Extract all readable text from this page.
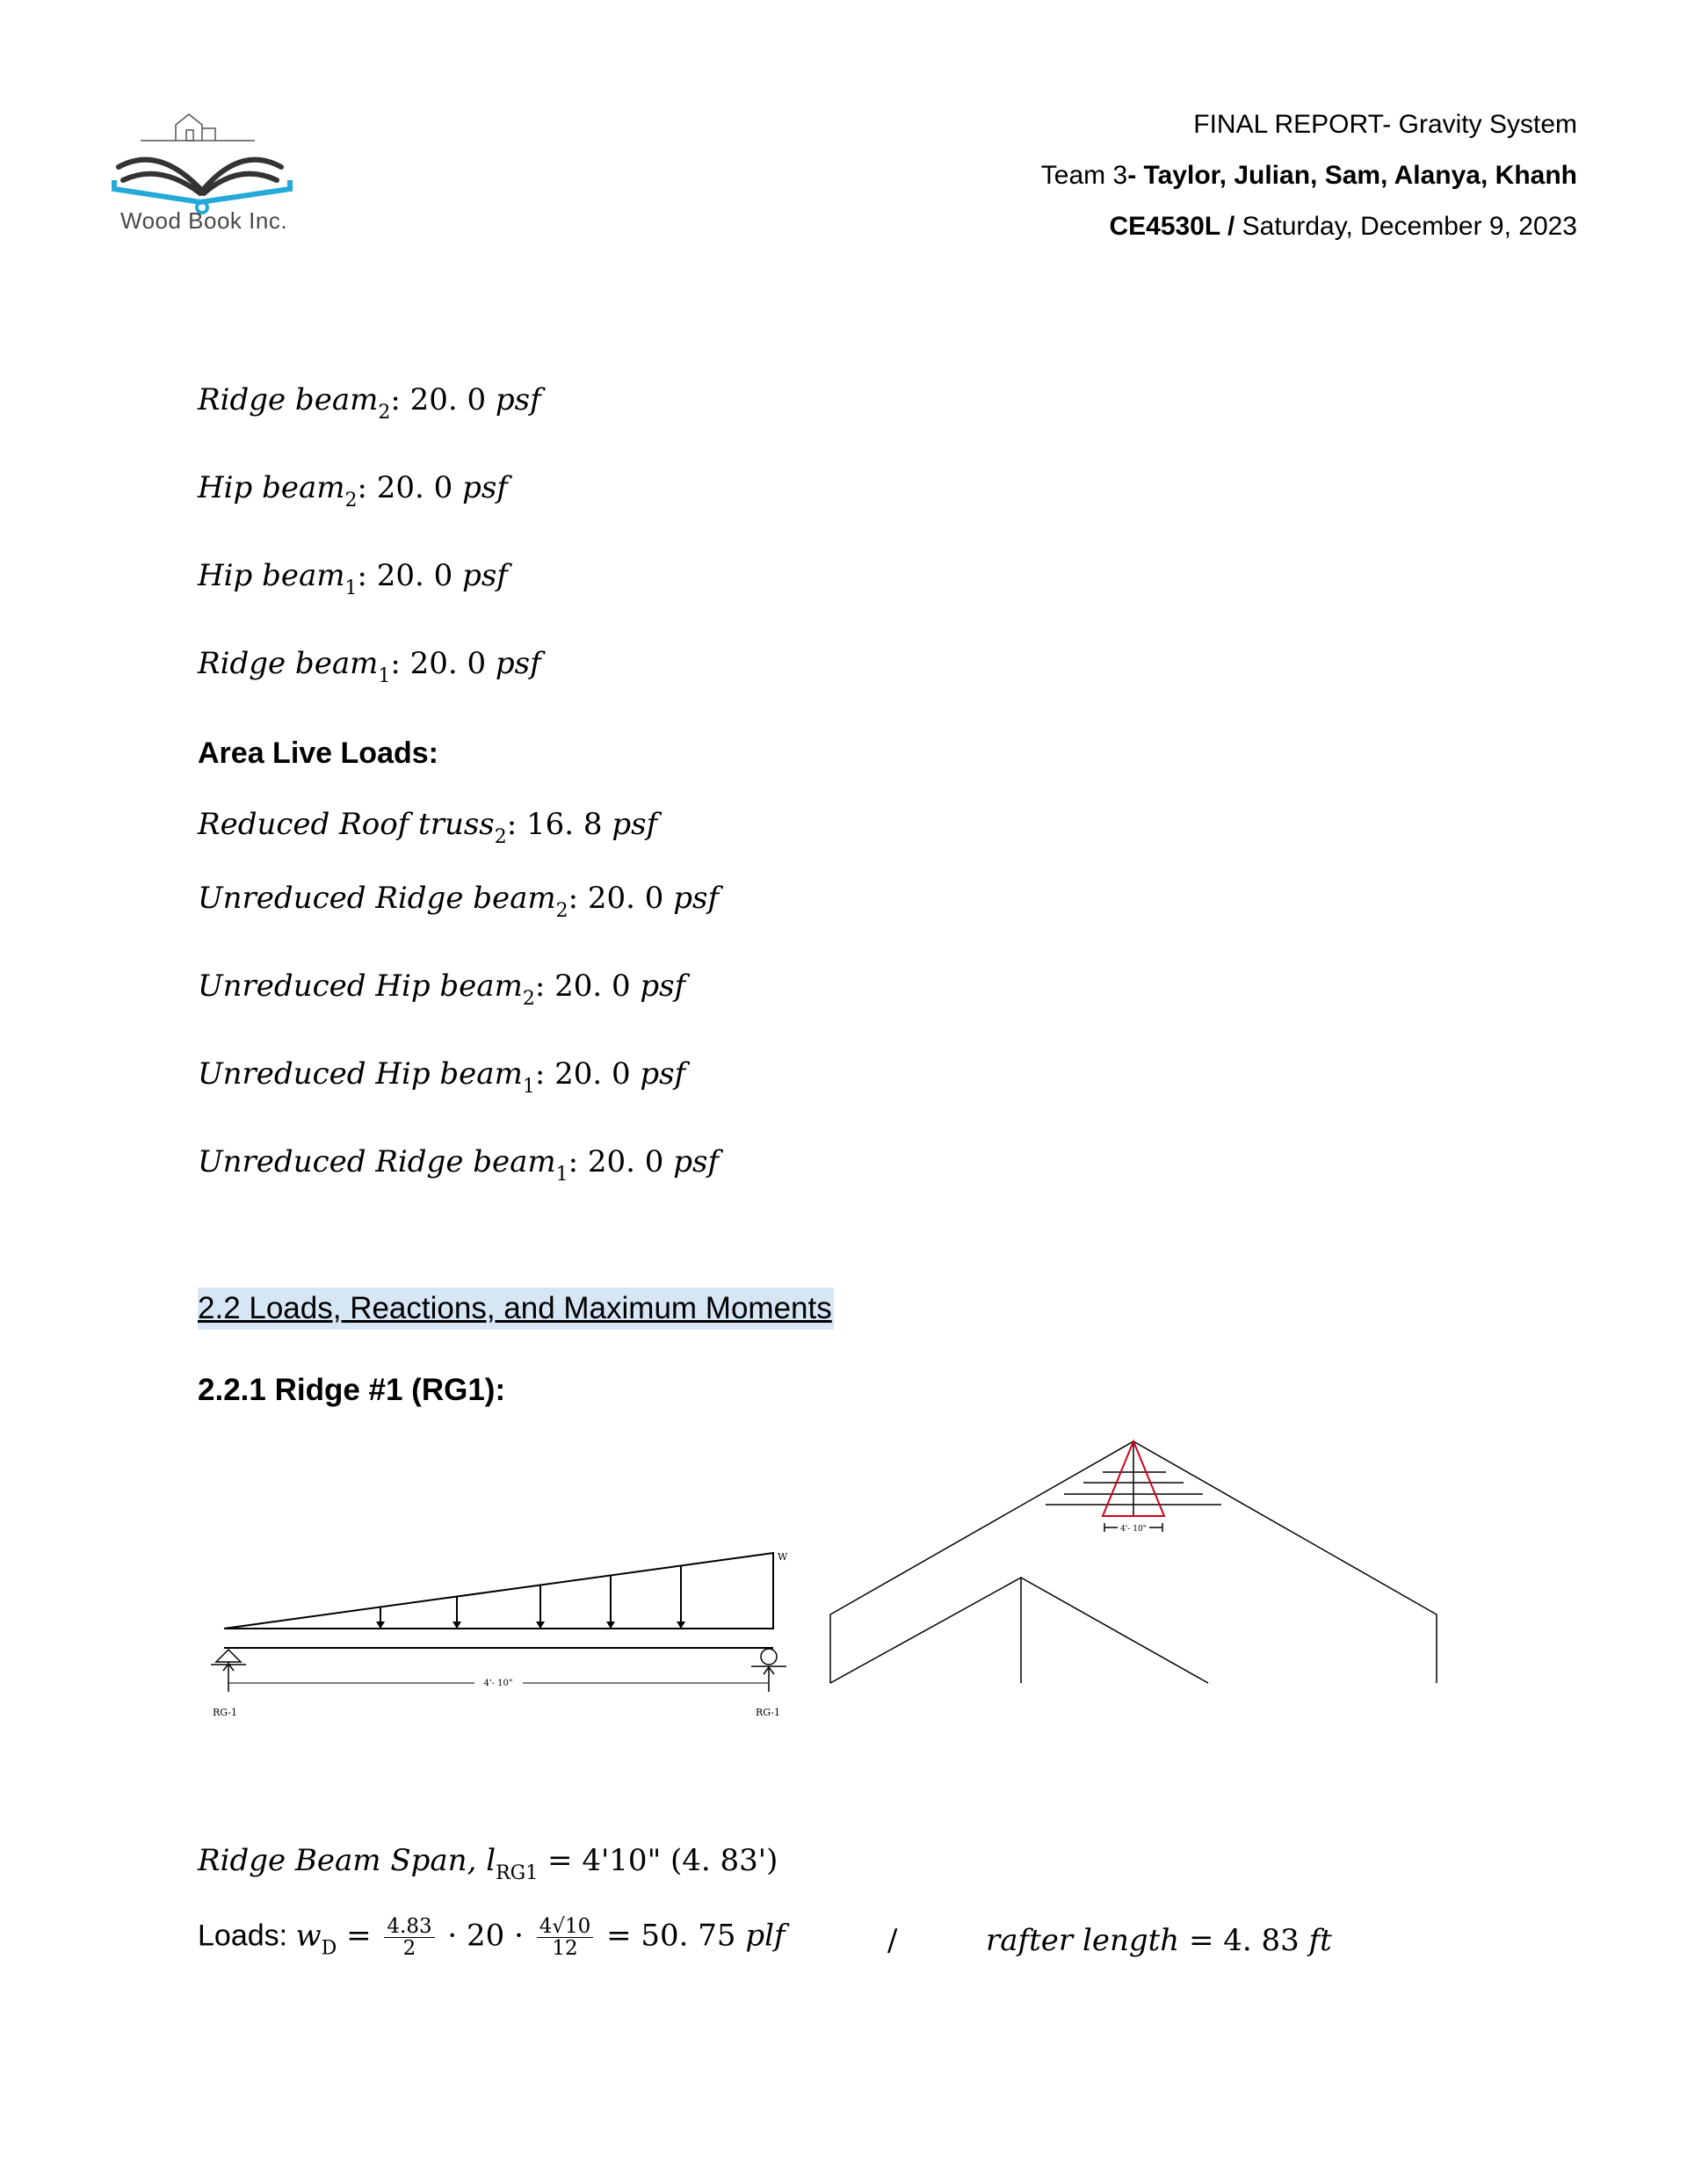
Wood Book Inc.
FINAL REPORT- Gravity System
Team 3- Taylor, Julian, Sam, Alanya, Khanh
CE4530L / Saturday, December 9, 2023
Ridge beam$_2$: 20. 0 psf
Hip beam$_2$: 20. 0 psf
Hip beam$_1$: 20. 0 psf
Ridge beam$_1$: 20. 0 psf
Area Live Loads:
Reduced Roof truss$_2$: 16. 8 psf
Unreduced Ridge beam$_2$: 20. 0 psf
Unreduced Hip beam$_2$: 20. 0 psf
Unreduced Hip beam$_1$: 20. 0 psf
Unreduced Ridge beam$_1$: 20. 0 psf
2.2 Loads, Reactions, and Maximum Moments
2.2.1 Ridge #1 (RG1):
4'- 10"
W
RG-1	RG-1
4'- 10"
Ridge Beam Span, $l_{RG1} = 4'10$" (4. 83')
Loads: $w_D = \frac{4.83}{2} \cdot 20 \cdot \frac{4√10}{12} = 50$. 75 plf	/	rafter length = 4. 83 ft
